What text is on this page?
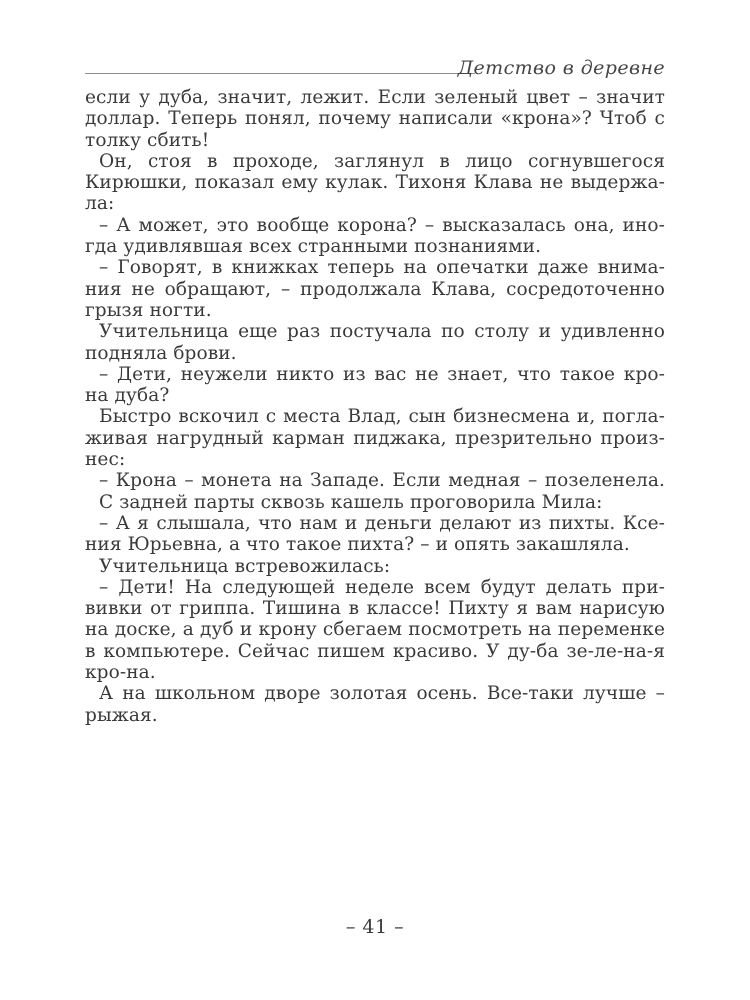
Детство в деревне
если у дуба, значит, лежит. Если зеленый цвет – значит
доллар. Теперь понял, почему написали «крона»? Чтоб с
толку сбить!
Он, стоя в проходе, заглянул в лицо согнувшегося
Кирюшки, показал ему кулак. Тихоня Клава не выдержа-
ла:
– А может, это вообще корона? – высказалась она, ино-
гда удивлявшая всех странными познаниями.
– Говорят, в книжках теперь на опечатки даже внима-
ния не обращают, – продолжала Клава, сосредоточенно
грызя ногти.
Учительница еще раз постучала по столу и удивленно
подняла брови.
– Дети, неужели никто из вас не знает, что такое кро-
на дуба?
Быстро вскочил с места Влад, сын бизнесмена и, погла-
живая нагрудный карман пиджака, презрительно произ-
нес:
– Крона – монета на Западе. Если медная – позеленела.
С задней парты сквозь кашель проговорила Мила:
– А я слышала, что нам и деньги делают из пихты. Ксе-
ния Юрьевна, а что такое пихта? – и опять закашляла.
Учительница встревожилась:
– Дети! На следующей неделе всем будут делать при-
вивки от гриппа. Тишина в классе! Пихту я вам нарисую
на доске, а дуб и крону сбегаем посмотреть на переменке
в компьютере. Сейчас пишем красиво. У ду-ба зе-ле-на-я
кро-на.
А на школьном дворе золотая осень. Все-таки лучше –
рыжая.
– 41 –
